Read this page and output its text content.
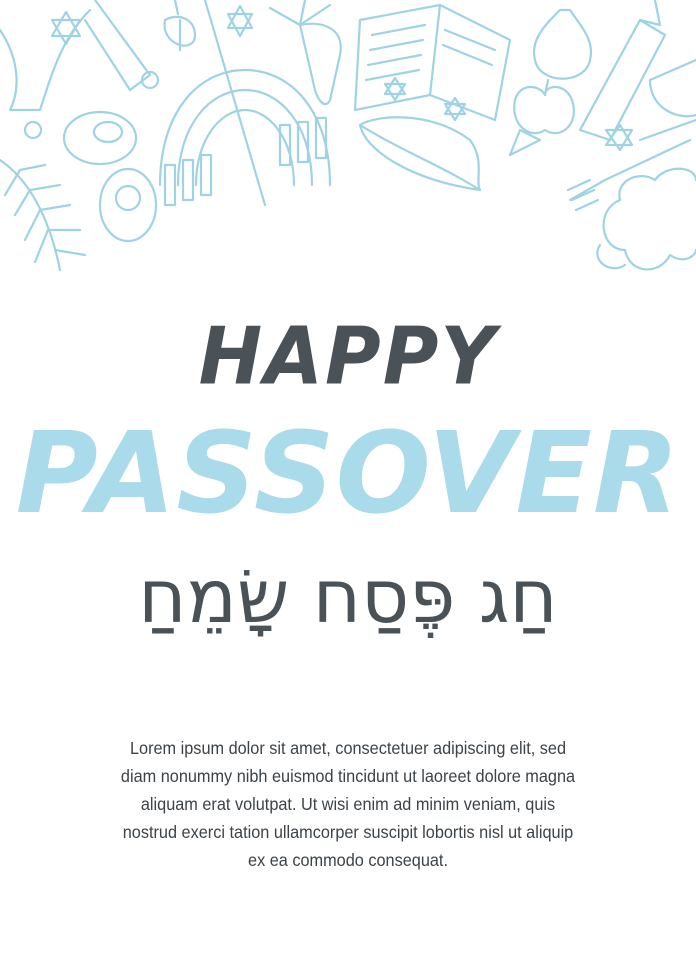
HAPPY
PASSOVER
חַג פֶּסַח שָׂמֵחַ
Lorem ipsum dolor sit amet, consectetuer adipiscing elit, sed diam nonummy nibh euismod tincidunt ut laoreet dolore magna aliquam erat volutpat. Ut wisi enim ad minim veniam, quis nostrud exerci tation ullamcorper suscipit lobortis nisl ut aliquip ex ea commodo consequat.
